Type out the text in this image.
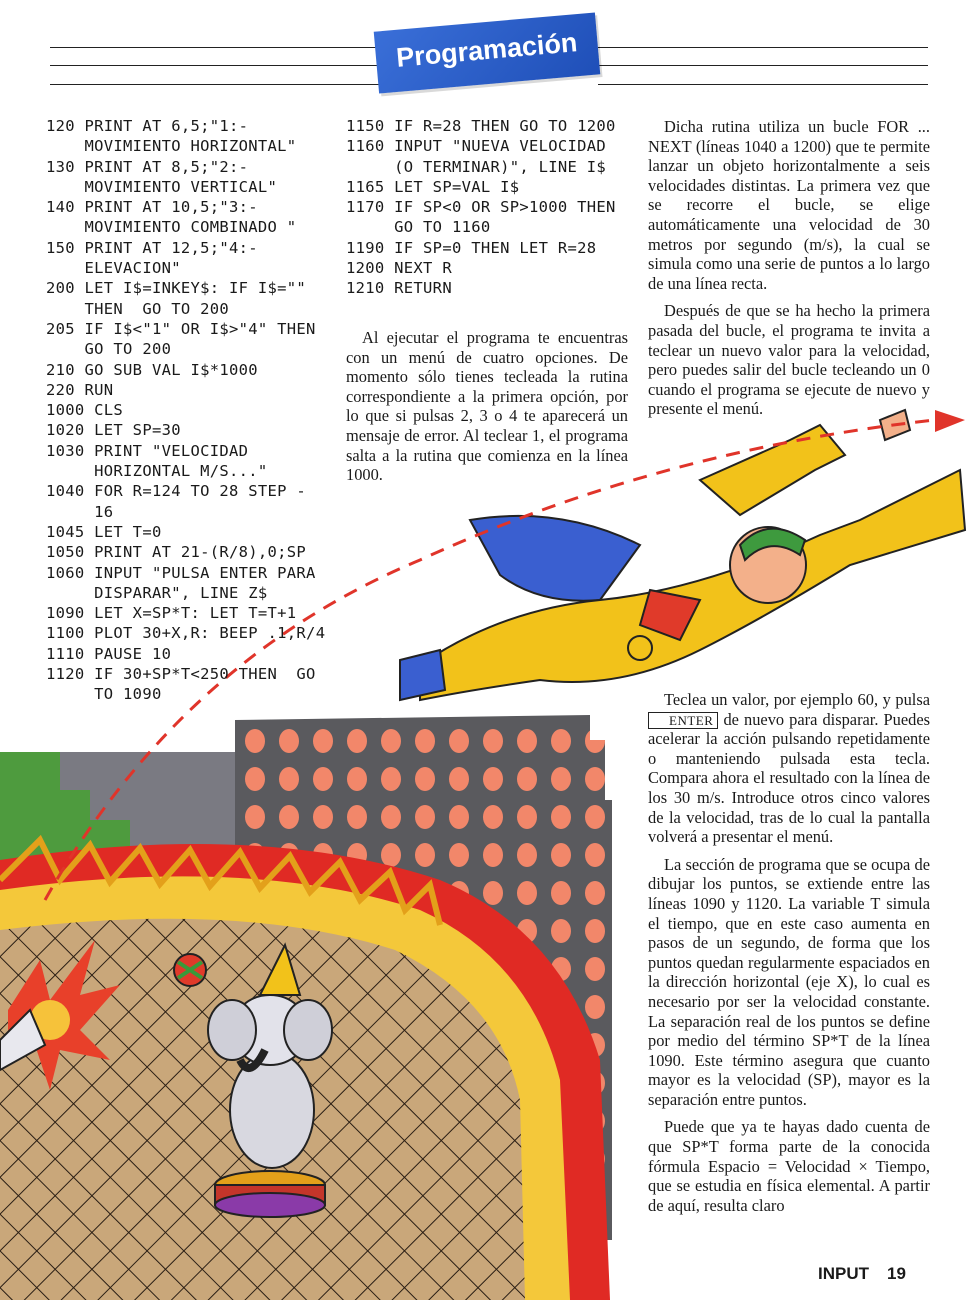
Programación
120 PRINT AT 6,5;"1:-
MOVIMIENTO HORIZONTAL"
130 PRINT AT 8,5;"2:-
MOVIMIENTO VERTICAL"
140 PRINT AT 10,5;"3:-
MOVIMIENTO COMBINADO "
150 PRINT AT 12,5;"4:-
ELEVACION"
200 LET I$=INKEY$: IF I$=""
THEN  GO TO 200
205 IF I$<"1" OR I$>"4" THEN
GO TO 200
210 GO SUB VAL I$*1000
220 RUN
1000 CLS
1020 LET SP=30
1030 PRINT "VELOCIDAD
HORIZONTAL M/S..."
1040 FOR R=124 TO 28 STEP -
16
1045 LET T=0
1050 PRINT AT 21-(R/8),0;SP
1060 INPUT "PULSA ENTER PARA
DISPARAR", LINE Z$
1090 LET X=SP*T: LET T=T+1
1100 PLOT 30+X,R: BEEP .1,R/4
1110 PAUSE 10
1120 IF 30+SP*T<250 THEN  GO
TO 1090
1150 IF R=28 THEN GO TO 1200
1160 INPUT "NUEVA VELOCIDAD
(O TERMINAR)", LINE I$
1165 LET SP=VAL I$
1170 IF SP<0 OR SP>1000 THEN
GO TO 1160
1190 IF SP=0 THEN LET R=28
1200 NEXT R
1210 RETURN

Al ejecutar el programa te encuentras con un menú de cuatro opciones. De momento sólo tienes tecleada la rutina correspondiente a la primera opción, por lo que si pulsas 2, 3 o 4 te aparecerá un mensaje de error. Al teclear 1, el programa salta a la rutina que comienza en la línea 1000.

Dicha rutina utiliza un bucle FOR ... NEXT (líneas 1040 a 1200) que te permite lanzar un objeto horizontalmente a seis velocidades distintas. La primera vez que se recorre el bucle, se elige automáticamente una velocidad de 30 metros por segundo (m/s), la cual se simula como una serie de puntos a lo largo de una línea recta.

Después de que se ha hecho la primera pasada del bucle, el programa te invita a teclear un nuevo valor para la velocidad, pero puedes salir del bucle tecleando un 0 cuando el programa se ejecute de nuevo y presente el menú.

Teclea un valor, por ejemplo 60, y pulsa ENTER de nuevo para disparar. Puedes acelerar la acción pulsando repetidamente o manteniendo pulsada esta tecla. Compara ahora el resultado con la línea de los 30 m/s. Introduce otros cinco valores de la velocidad, tras de lo cual la pantalla volverá a presentar el menú.

La sección de programa que se ocupa de dibujar los puntos, se extiende entre las líneas 1090 y 1120. La variable T simula el tiempo, que en este caso aumenta en pasos de un segundo, de forma que los puntos quedan regularmente espaciados en la dirección horizontal (eje X), lo cual es necesario por ser la velocidad constante. La separación real de los puntos se define por medio del término SP*T de la línea 1090. Este término asegura que cuanto mayor es la velocidad (SP), mayor es la separación entre puntos.

Puede que ya te hayas dado cuenta de que SP*T forma parte de la conocida fórmula Espacio = Velocidad × Tiempo, que se estudia en física elemental. A partir de aquí, resulta claro

INPUT 19
